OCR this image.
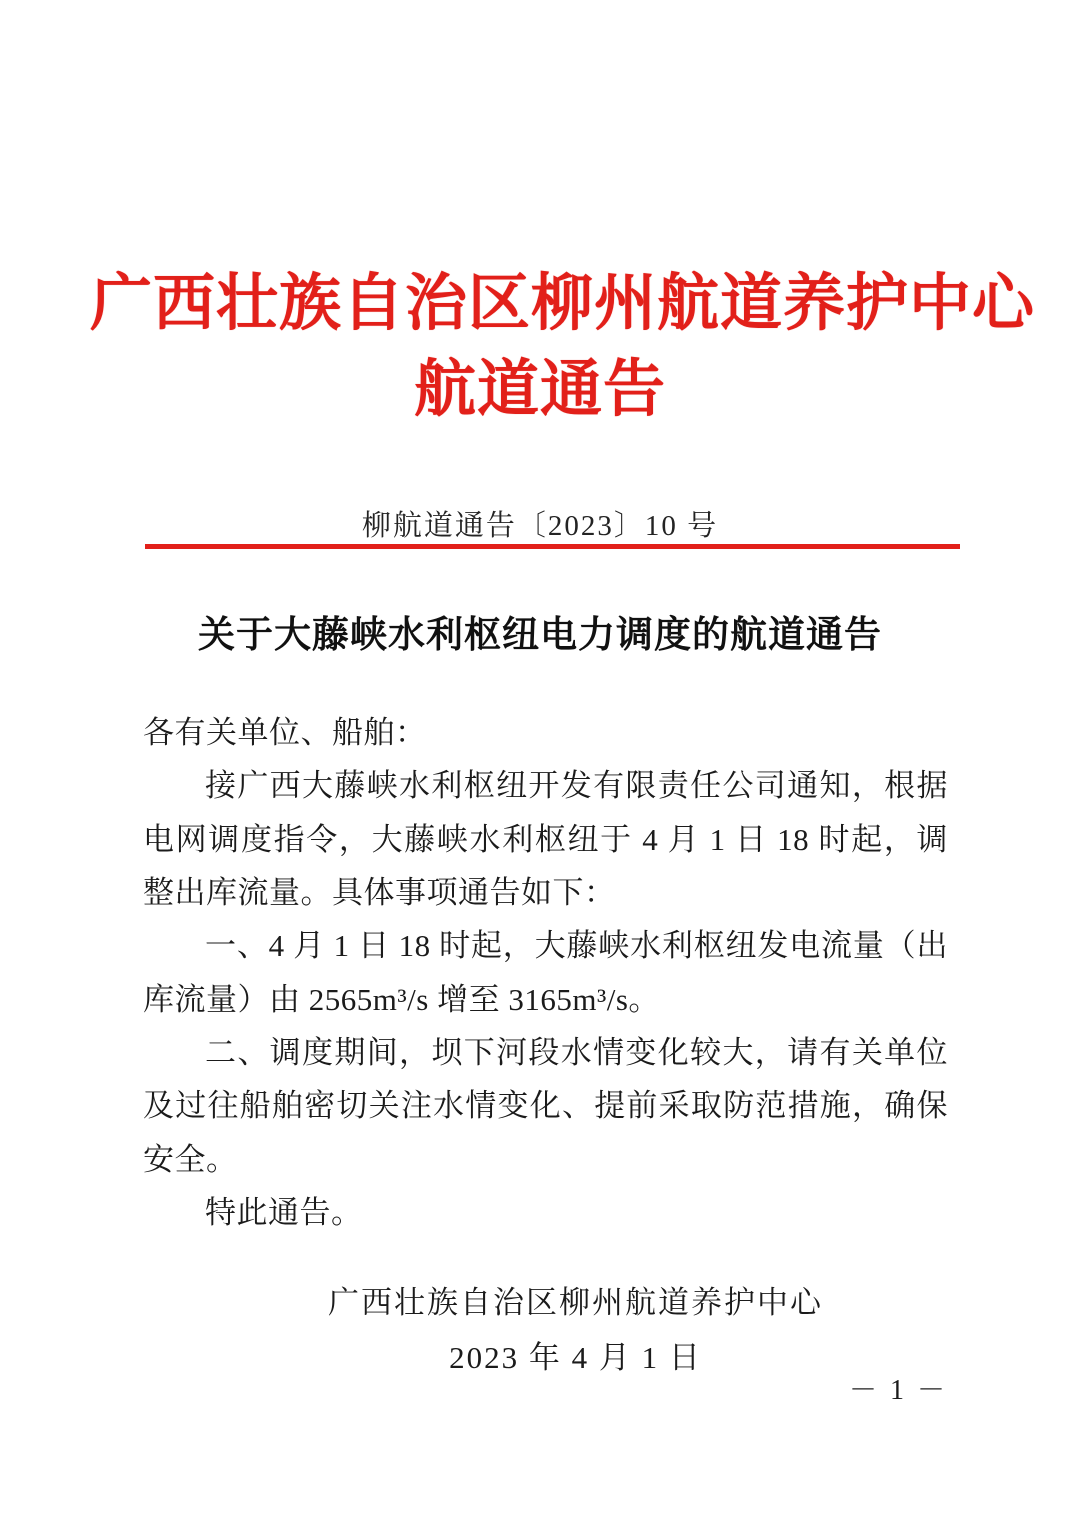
广西壮族自治区柳州航道养护中心
航道通告
柳航道通告〔2023〕10 号
关于大藤峡水利枢纽电力调度的航道通告

各有关单位、船舶：

接广西大藤峡水利枢纽开发有限责任公司通知，根据电网调度指令，大藤峡水利枢纽于 4 月 1 日 18 时起，调整出库流量。具体事项通告如下：

一、4 月 1 日 18 时起，大藤峡水利枢纽发电流量（出库流量）由 2565m³/s 增至 3165m³/s。

二、调度期间，坝下河段水情变化较大，请有关单位及过往船舶密切关注水情变化、提前采取防范措施，确保安全。

特此通告。

广西壮族自治区柳州航道养护中心
2023 年 4 月 1 日
－ 1 －
